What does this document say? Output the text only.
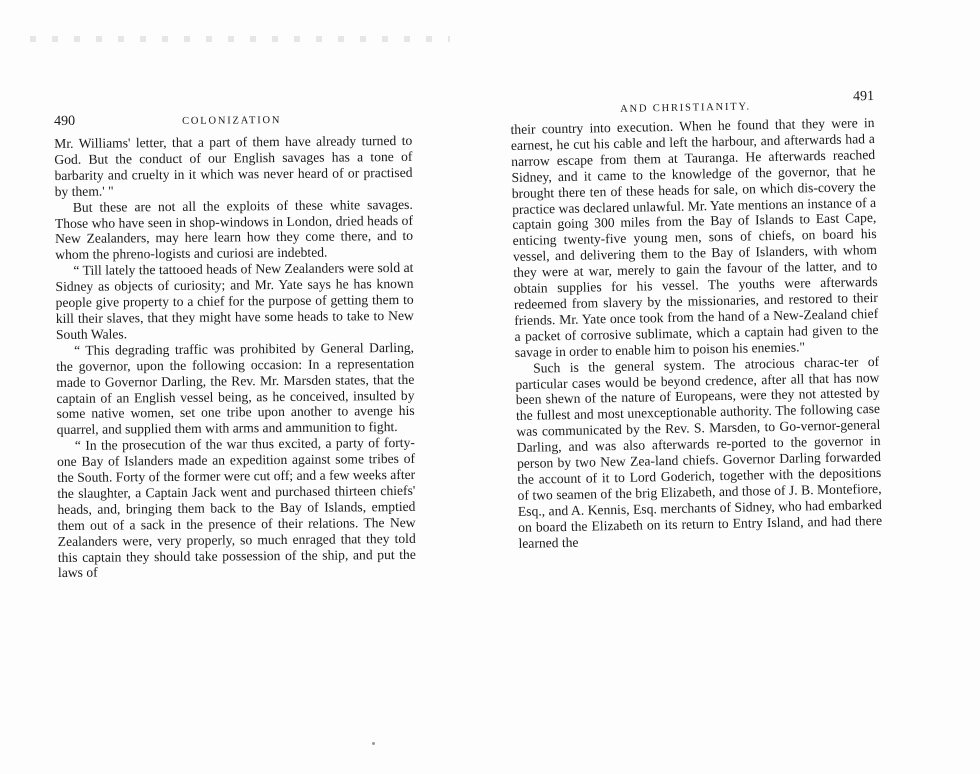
490	COLONIZATION

Mr. Williams' letter, that a part of them have already turned to God. But the conduct of our English savages has a tone of barbarity and cruelty in it which was never heard of or practised by them.' "

But these are not all the exploits of these white savages. Those who have seen in shop-windows in London, dried heads of New Zealanders, may here learn how they come there, and to whom the phreno-logists and curiosi are indebted.

“ Till lately the tattooed heads of New Zealanders were sold at Sidney as objects of curiosity; and Mr. Yate says he has known people give property to a chief for the purpose of getting them to kill their slaves, that they might have some heads to take to New South Wales.

“ This degrading traffic was prohibited by General Darling, the governor, upon the following occasion: In a representation made to Governor Darling, the Rev. Mr. Marsden states, that the captain of an English vessel being, as he conceived, insulted by some native women, set one tribe upon another to avenge his quarrel, and supplied them with arms and ammunition to fight.

“ In the prosecution of the war thus excited, a party of forty-one Bay of Islanders made an expedition against some tribes of the South. Forty of the former were cut off; and a few weeks after the slaughter, a Captain Jack went and purchased thirteen chiefs' heads, and, bringing them back to the Bay of Islands, emptied them out of a sack in the presence of their relations. The New Zealanders were, very properly, so much enraged that they told this captain they should take possession of the ship, and put the laws of

AND CHRISTIANITY.
491

their country into execution. When he found that they were in earnest, he cut his cable and left the harbour, and afterwards had a narrow escape from them at Tauranga. He afterwards reached Sidney, and it came to the knowledge of the governor, that he brought there ten of these heads for sale, on which dis-covery the practice was declared unlawful. Mr. Yate mentions an instance of a captain going 300 miles from the Bay of Islands to East Cape, enticing twenty-five young men, sons of chiefs, on board his vessel, and delivering them to the Bay of Islanders, with whom they were at war, merely to gain the favour of the latter, and to obtain supplies for his vessel. The youths were afterwards redeemed from slavery by the missionaries, and restored to their friends. Mr. Yate once took from the hand of a New-Zealand chief a packet of corrosive sublimate, which a captain had given to the savage in order to enable him to poison his enemies."

Such is the general system. The atrocious charac-ter of particular cases would be beyond credence, after all that has now been shewn of the nature of Europeans, were they not attested by the fullest and most unexceptionable authority. The following case was communicated by the Rev. S. Marsden, to Go-vernor-general Darling, and was also afterwards re-ported to the governor in person by two New Zea-land chiefs. Governor Darling forwarded the account of it to Lord Goderich, together with the depositions of two seamen of the brig Elizabeth, and those of J. B. Montefiore, Esq., and A. Kennis, Esq. merchants of Sidney, who had embarked on board the Elizabeth on its return to Entry Island, and had there learned the
